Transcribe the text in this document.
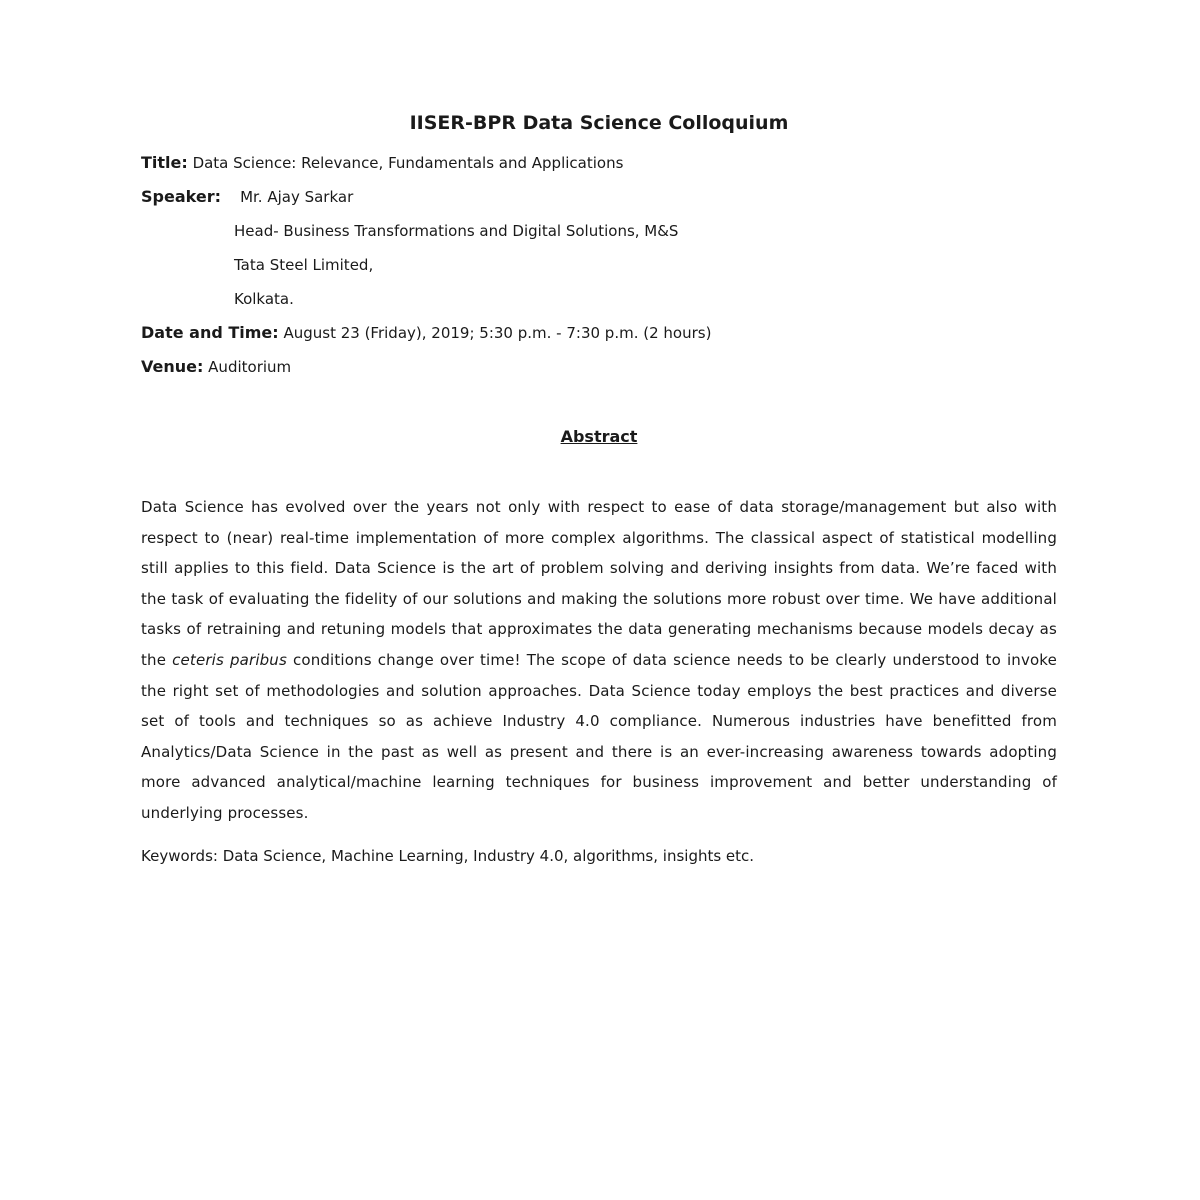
IISER-BPR Data Science Colloquium

Title: Data Science: Relevance, Fundamentals and Applications

Speaker: Mr. Ajay Sarkar

Head- Business Transformations and Digital Solutions, M&S

Tata Steel Limited,

Kolkata.

Date and Time: August 23 (Friday), 2019; 5:30 p.m. - 7:30 p.m. (2 hours)

Venue: Auditorium

Abstract

Data Science has evolved over the years not only with respect to ease of data storage/management but also with respect to (near) real-time implementation of more complex algorithms. The classical aspect of statistical modelling still applies to this field. Data Science is the art of problem solving and deriving insights from data. We’re faced with the task of evaluating the fidelity of our solutions and making the solutions more robust over time. We have additional tasks of retraining and retuning models that approximates the data generating mechanisms because models decay as the ceteris paribus conditions change over time! The scope of data science needs to be clearly understood to invoke the right set of methodologies and solution approaches. Data Science today employs the best practices and diverse set of tools and techniques so as achieve Industry 4.0 compliance. Numerous industries have benefitted from Analytics/Data Science in the past as well as present and there is an ever-increasing awareness towards adopting more advanced analytical/machine learning techniques for business improvement and better understanding of underlying processes.

Keywords: Data Science, Machine Learning, Industry 4.0, algorithms, insights etc.
